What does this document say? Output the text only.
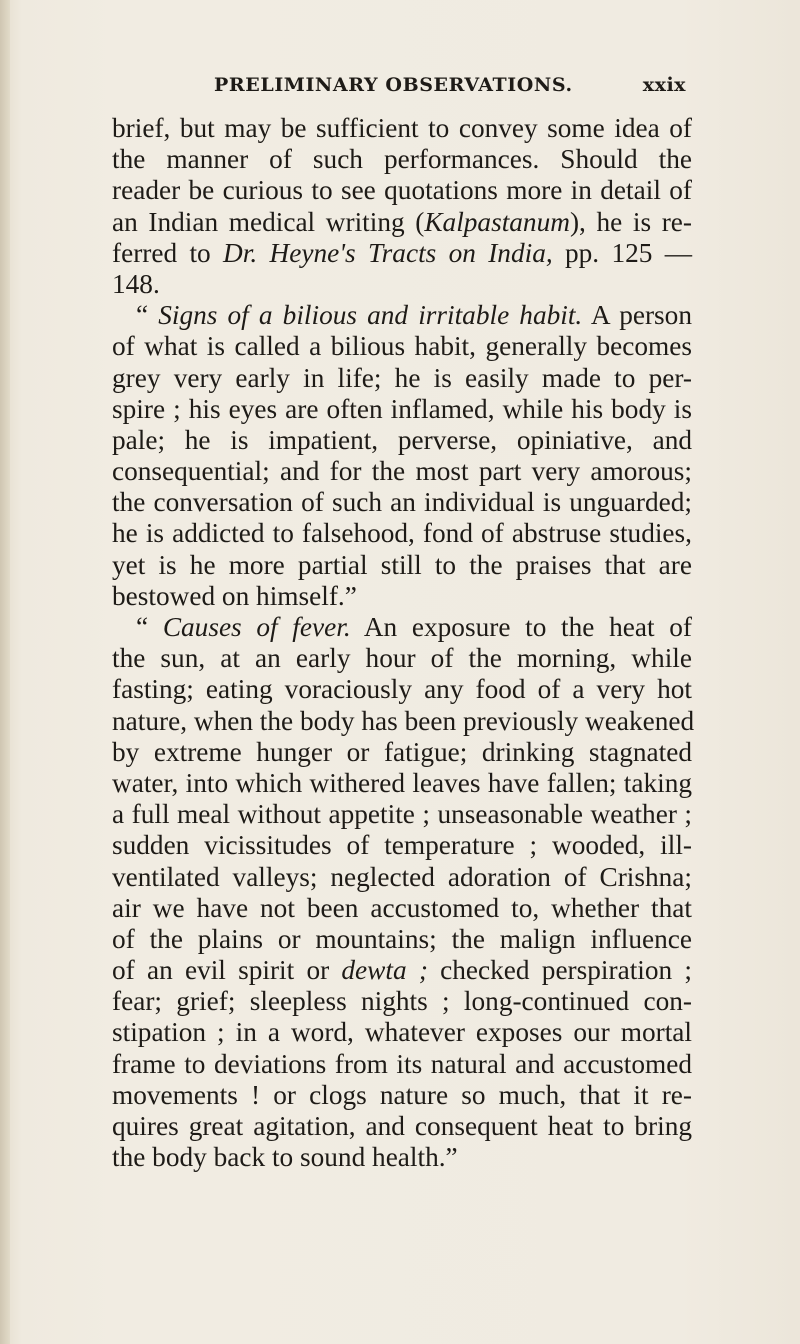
PRELIMINARY OBSERVATIONS.	xxix
brief, but may be sufficient to convey some idea of
the manner of such performances. Should the
reader be curious to see quotations more in detail of
an Indian medical writing (Kalpastanum), he is re-
ferred to Dr. Heyne's Tracts on India, pp. 125 —
148.
“ Signs of a bilious and irritable habit. A person
of what is called a bilious habit, generally becomes
grey very early in life; he is easily made to per-
spire ; his eyes are often inflamed, while his body is
pale; he is impatient, perverse, opiniative, and
consequential; and for the most part very amorous;
the conversation of such an individual is unguarded;
he is addicted to falsehood, fond of abstruse studies,
yet is he more partial still to the praises that are
bestowed on himself.”
“ Causes of fever. An exposure to the heat of
the sun, at an early hour of the morning, while
fasting; eating voraciously any food of a very hot
nature, when the body has been previously weakened
by extreme hunger or fatigue; drinking stagnated
water, into which withered leaves have fallen; taking
a full meal without appetite ; unseasonable weather ;
sudden vicissitudes of temperature ; wooded, ill-
ventilated valleys; neglected adoration of Crishna;
air we have not been accustomed to, whether that
of the plains or mountains; the malign influence
of an evil spirit or dewta ; checked perspiration ;
fear; grief; sleepless nights ; long-continued con-
stipation ; in a word, whatever exposes our mortal
frame to deviations from its natural and accustomed
movements ! or clogs nature so much, that it re-
quires great agitation, and consequent heat to bring
the body back to sound health.”
